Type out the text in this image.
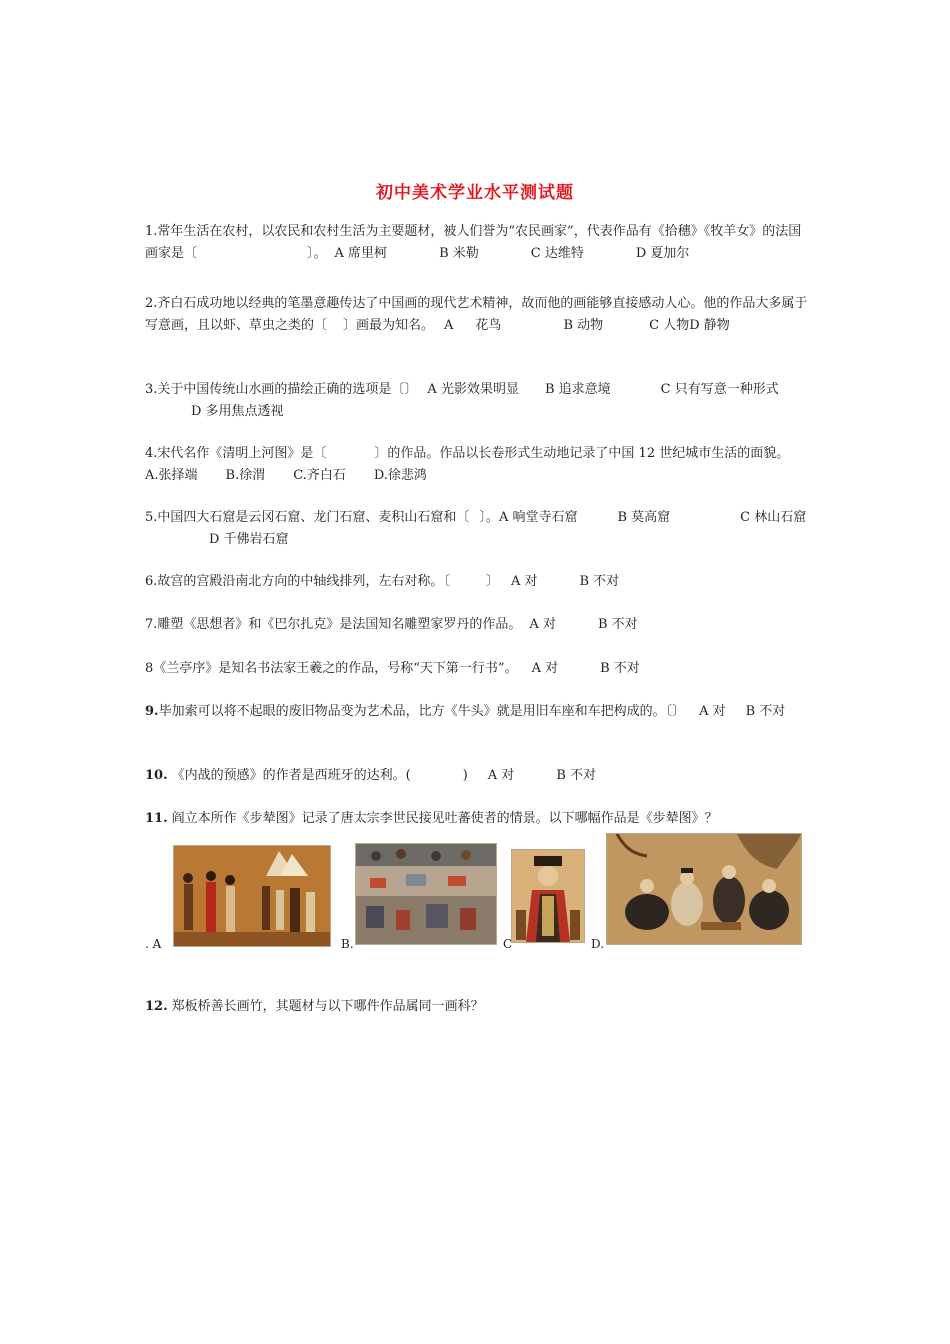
初中美术学业水平测试题
1.常年生活在农村，以农民和农村生活为主要题材，被人们誉为“农民画家”，代表作品有《拾穗》《牧羊女》的法国画家是〔	〕。 A 席里柯	B 米勒	C 达维特	D 夏加尔
2.齐白石成功地以经典的笔墨意趣传达了中国画的现代艺术精神，故而他的画能够直接感动人心。他的作品大多属于写意画，且以虾、草虫之类的〔 〕画最为知名。 A 花鸟	B 动物	C 人物D 静物
3.关于中国传统山水画的描绘正确的选项是〔〕 A 光影效果明显 B 追求意境	C 只有写意一种形式D 多用焦点透视
4.宋代名作《清明上河图》是〔	〕的作品。作品以长卷形式生动地记录了中国 12 世纪城市生活的面貌。A.张择端 B.徐渭 C.齐白石 D.徐悲鸿
5.中国四大石窟是云冈石窟、龙门石窟、麦积山石窟和〔 〕。A 响堂寺石窟	B 莫高窟	C 林山石窟D 千佛岩石窟
6.故宫的宫殿沿南北方向的中轴线排列，左右对称。〔	〕 A 对	B 不对
7.雕塑《思想者》和《巴尔扎克》是法国知名雕塑家罗丹的作品。 A 对	B 不对
8《兰亭序》是知名书法家王羲之的作品，号称“天下第一行书”。 A 对	B 不对
9.毕加索可以将不起眼的废旧物品变为艺术品，比方《牛头》就是用旧车座和车把构成的。〔〕 A 对 B 不对
10. 《内战的预感》的作者是西班牙的达利。(	) A 对	B 不对
11. 阎立本所作《步辇图》记录了唐太宗李世民接见吐蕃使者的情景。以下哪幅作品是《步辇图》？
. A	B.	C	D.
12. 郑板桥善长画竹，其题材与以下哪件作品属同一画科？
